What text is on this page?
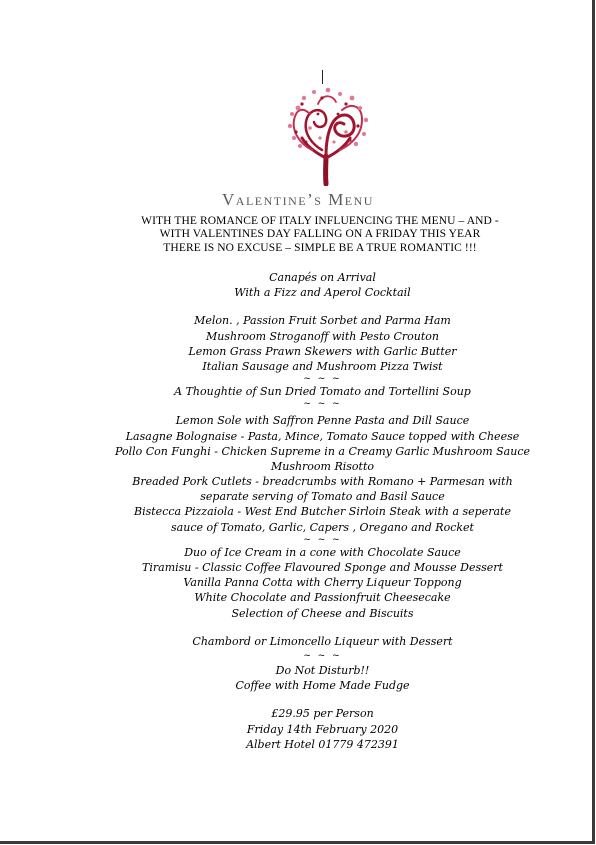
Valentine’s Menu
WITH THE ROMANCE OF ITALY INFLUENCING THE MENU – AND -
WITH VALENTINES DAY FALLING ON A FRIDAY THIS YEAR
THERE IS NO EXCUSE – SIMPLE BE A TRUE ROMANTIC !!!
Canapés on Arrival
With a Fizz and Aperol Cocktail
Melon. , Passion Fruit Sorbet and Parma Ham
Mushroom Stroganoff with Pesto Crouton
Lemon Grass Prawn Skewers with Garlic Butter
Italian Sausage and Mushroom Pizza Twist
~ ~ ~
A Thoughtie of Sun Dried Tomato and Tortellini Soup
~ ~ ~
Lemon Sole with Saffron Penne Pasta and Dill Sauce
Lasagne Bolognaise - Pasta, Mince, Tomato Sauce topped with Cheese
Pollo Con Funghi - Chicken Supreme in a Creamy Garlic Mushroom Sauce
Mushroom Risotto
Breaded Pork Cutlets - breadcrumbs with Romano + Parmesan with
separate serving of Tomato and Basil Sauce
Bistecca Pizzaiola - West End Butcher Sirloin Steak with a seperate
sauce of Tomato, Garlic, Capers , Oregano and Rocket
~ ~ ~
Duo of Ice Cream in a cone with Chocolate Sauce
Tiramisu - Classic Coffee Flavoured Sponge and Mousse Dessert
Vanilla Panna Cotta with Cherry Liqueur Toppong
White Chocolate and Passionfruit Cheesecake
Selection of Cheese and Biscuits
Chambord or Limoncello Liqueur with Dessert
~ ~ ~
Do Not Disturb!!
Coffee with Home Made Fudge
£29.95 per Person
Friday 14th February 2020
Albert Hotel 01779 472391
